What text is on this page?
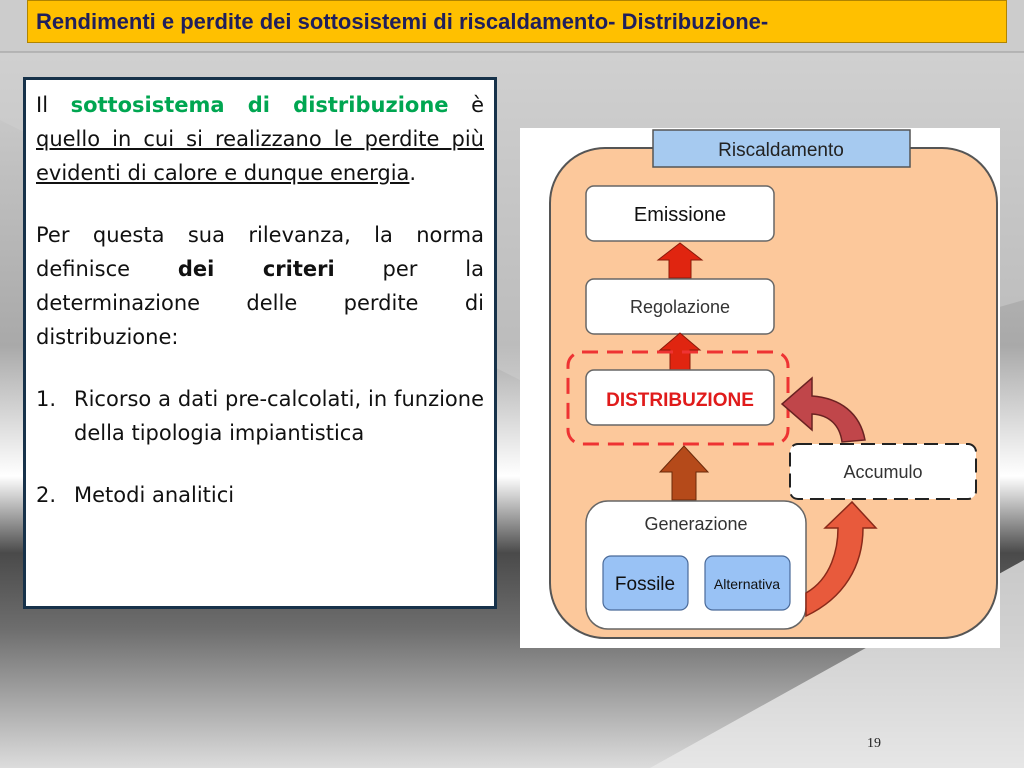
Rendimenti e perdite dei sottosistemi di riscaldamento- Distribuzione-

Il sottosistema di distribuzione è quello in cui si realizzano le perdite più evidenti di calore e dunque energia.

Per questa sua rilevanza, la norma definisce dei criteri per la determinazione delle perdite di distribuzione:

1. Ricorso a dati pre-calcolati, in funzione della tipologia impiantistica
2. Metodi analitici
Riscaldamento
Emissione
Regolazione
DISTRIBUZIONE
Accumulo
Generazione
Fossile	Alternativa
19
